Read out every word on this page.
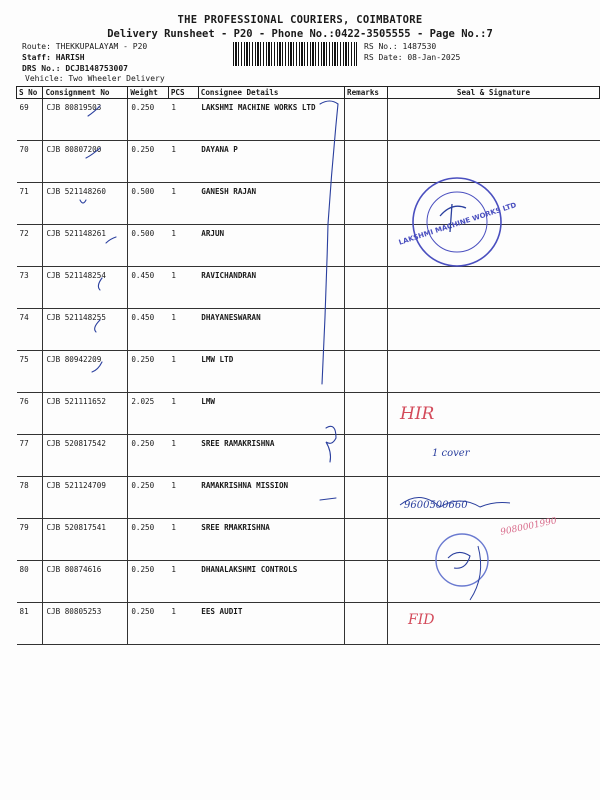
THE PROFESSIONAL COURIERS, COIMBATORE
Delivery Runsheet - P20 - Phone No.:0422-3505555 - Page No.:7
Route: THEKKUPALAYAM - P20
Staff: HARISH
DRS No.: DCJB148753007
Vehicle: Two Wheeler Delivery
RS No.: 1487530
RS Date: 08-Jan-2025
S No	Consignment No	Weight	PCS	Consignee Details	Remarks	Seal & Signature
69	CJB 80819503	0.250	1	LAKSHMI MACHINE WORKS LTD		
70	CJB 80807200	0.250	1	DAYANA P		
71	CJB 521148260	0.500	1	GANESH RAJAN		
72	CJB 521148261	0.500	1	ARJUN		
73	CJB 521148254	0.450	1	RAVICHANDRAN		
74	CJB 521148255	0.450	1	DHAYANESWARAN		
75	CJB 80942209	0.250	1	LMW LTD		
76	CJB 521111652	2.025	1	LMW		
77	CJB 520817542	0.250	1	SREE RAMAKRISHNA		
78	CJB 521124709	0.250	1	RAMAKRISHNA MISSION		
79	CJB 520817541	0.250	1	SREE RMAKRISHNA		
80	CJB 80874616	0.250	1	DHANALAKSHMI CONTROLS		
81	CJB 80805253	0.250	1	EES AUDIT		
LAKSHMI MACHINE WORKS LTD
HIR
1 cover
9600500660
9080001990
FID
